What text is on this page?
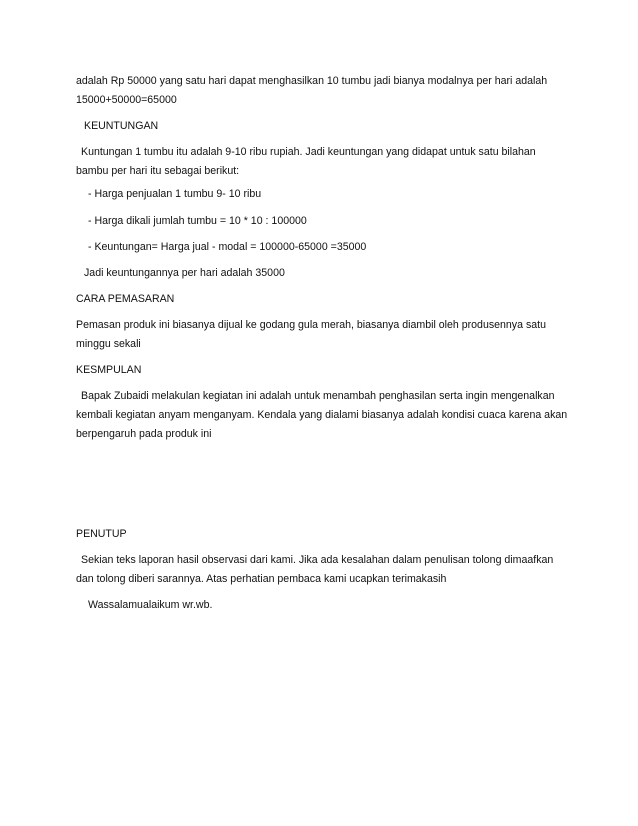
adalah Rp 50000 yang satu hari dapat menghasilkan 10 tumbu jadi bianya modalnya per hari adalah
15000+50000=65000
KEUNTUNGAN
Kuntungan 1 tumbu itu adalah 9-10 ribu rupiah. Jadi keuntungan yang didapat untuk satu bilahan
bambu per hari itu sebagai berikut:
- Harga penjualan 1 tumbu 9- 10 ribu
- Harga dikali jumlah tumbu = 10 * 10 : 100000
- Keuntungan= Harga jual - modal = 100000-65000 =35000
Jadi keuntungannya per hari adalah 35000
CARA PEMASARAN
Pemasan produk ini biasanya dijual ke godang gula merah, biasanya diambil oleh produsennya satu
minggu sekali
KESMPULAN
Bapak Zubaidi melakulan kegiatan ini adalah untuk menambah penghasilan serta ingin mengenalkan
kembali kegiatan anyam menganyam. Kendala yang dialami biasanya adalah kondisi cuaca karena akan
berpengaruh pada produk ini
PENUTUP
Sekian teks laporan hasil observasi dari kami. Jika ada kesalahan dalam penulisan tolong dimaafkan
dan tolong diberi sarannya. Atas perhatian pembaca kami ucapkan terimakasih
Wassalamualaikum wr.wb.
